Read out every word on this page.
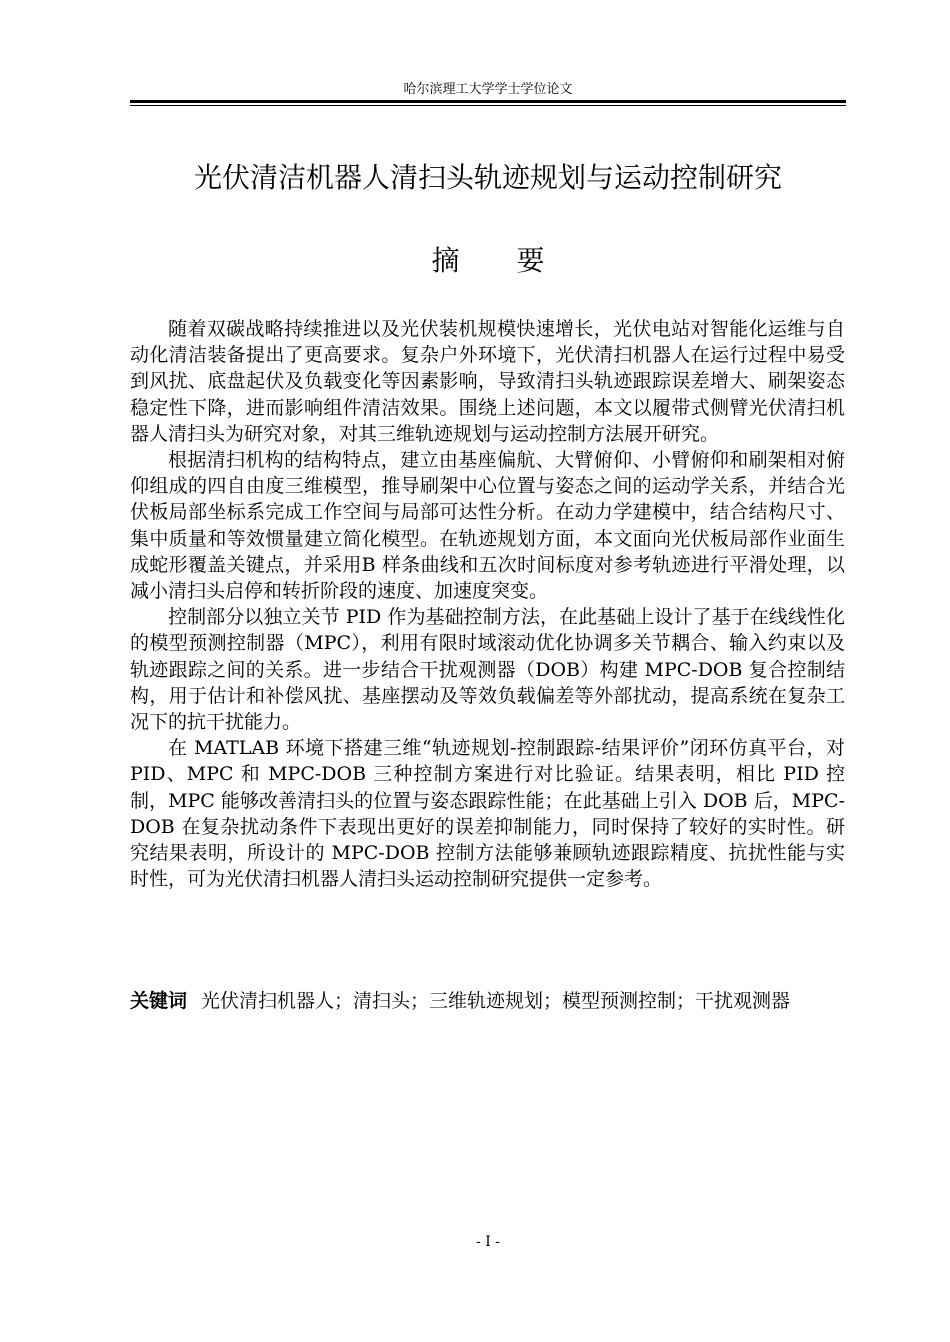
哈尔滨理工大学学士学位论文
光伏清洁机器人清扫头轨迹规划与运动控制研究
摘 要

随着双碳战略持续推进以及光伏装机规模快速增长，光伏电站对智能化运维与自动化清洁装备提出了更高要求。复杂户外环境下，光伏清扫机器人在运行过程中易受到风扰、底盘起伏及负载变化等因素影响，导致清扫头轨迹跟踪误差增大、刷架姿态稳定性下降，进而影响组件清洁效果。围绕上述问题，本文以履带式侧臂光伏清扫机器人清扫头为研究对象，对其三维轨迹规划与运动控制方法展开研究。

根据清扫机构的结构特点，建立由基座偏航、大臂俯仰、小臂俯仰和刷架相对俯仰组成的四自由度三维模型，推导刷架中心位置与姿态之间的运动学关系，并结合光伏板局部坐标系完成工作空间与局部可达性分析。在动力学建模中，结合结构尺寸、集中质量和等效惯量建立简化模型。在轨迹规划方面，本文面向光伏板局部作业面生成蛇形覆盖关键点，并采用B 样条曲线和五次时间标度对参考轨迹进行平滑处理，以减小清扫头启停和转折阶段的速度、加速度突变。

控制部分以独立关节 PID 作为基础控制方法，在此基础上设计了基于在线线性化的模型预测控制器（MPC），利用有限时域滚动优化协调多关节耦合、输入约束以及轨迹跟踪之间的关系。进一步结合干扰观测器（DOB）构建 MPC-DOB 复合控制结构，用于估计和补偿风扰、基座摆动及等效负载偏差等外部扰动，提高系统在复杂工况下的抗干扰能力。

在 MATLAB 环境下搭建三维“轨迹规划-控制跟踪-结果评价”闭环仿真平台，对 PID、MPC 和 MPC-DOB 三种控制方案进行对比验证。结果表明，相比 PID 控制，MPC 能够改善清扫头的位置与姿态跟踪性能；在此基础上引入 DOB 后，MPC-DOB 在复杂扰动条件下表现出更好的误差抑制能力，同时保持了较好的实时性。研究结果表明，所设计的 MPC-DOB 控制方法能够兼顾轨迹跟踪精度、抗扰性能与实时性，可为光伏清扫机器人清扫头运动控制研究提供一定参考。

关键词 光伏清扫机器人；清扫头；三维轨迹规划；模型预测控制；干扰观测器
- I -
